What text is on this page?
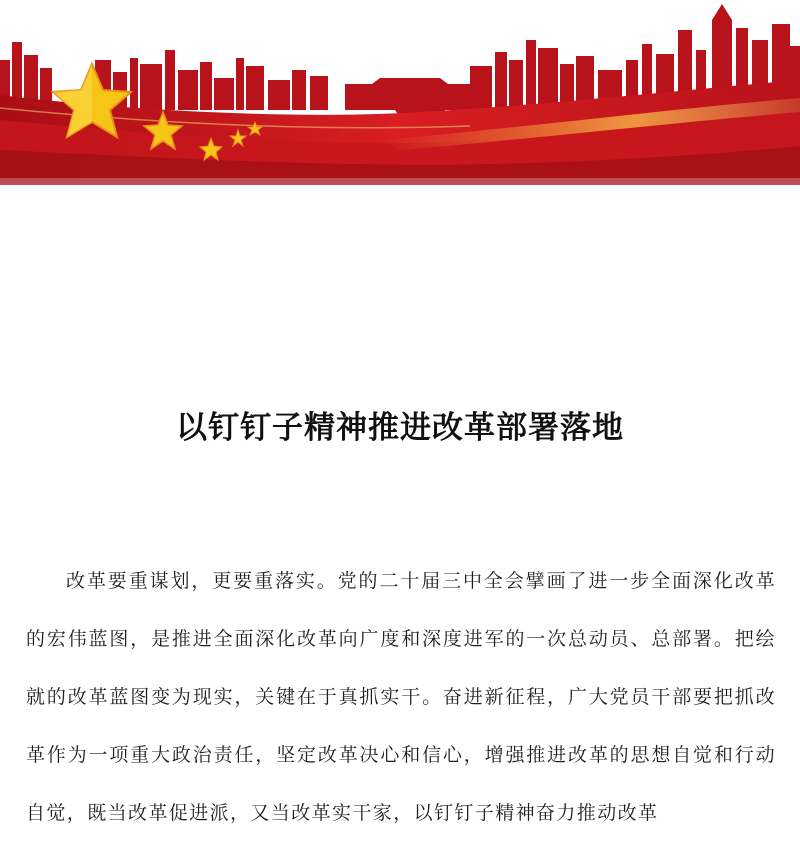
以钉钉子精神推进改革部署落地

改革要重谋划，更要重落实。党的二十届三中全会擘画了进一步全面深化改革的宏伟蓝图，是推进全面深化改革向广度和深度进军的一次总动员、总部署。把绘就的改革蓝图变为现实，关键在于真抓实干。奋进新征程，广大党员干部要把抓改革作为一项重大政治责任，坚定改革决心和信心，增强推进改革的思想自觉和行动自觉，既当改革促进派，又当改革实干家，以钉钉子精神奋力推动改革
